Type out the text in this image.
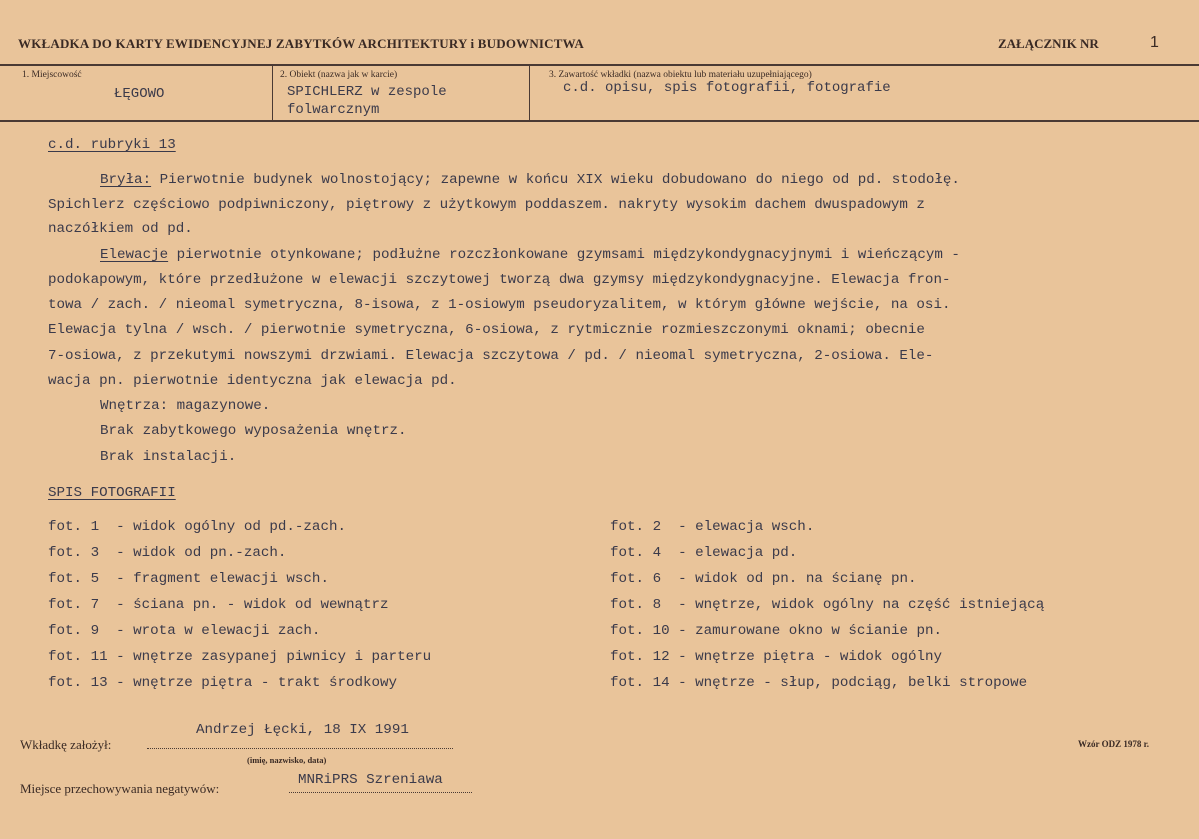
WKŁADKA DO KARTY EWIDENCYJNEJ ZABYTKÓW ARCHITEKTURY i BUDOWNICTWA	ZAŁĄCZNIK NR	1
1. Miejscowość
ŁĘGOWO
2. Obiekt (nazwa jak w karcie)
SPICHLERZ w zespole
folwarcznym
3. Zawartość wkładki (nazwa obiektu lub materiału uzupełniającego)
c.d. opisu, spis fotografii, fotografie
c.d. rubryki 13
Bryła: Pierwotnie budynek wolnostojący; zapewne w końcu XIX wieku dobudowano do niego od pd. stodołę.
Spichlerz częściowo podpiwniczony, piętrowy z użytkowym poddaszem. nakryty wysokim dachem dwuspadowym z
naczółkiem od pd.
Elewacje pierwotnie otynkowane; podłużne rozczłonkowane gzymsami międzykondygnacyjnymi i wieńczącym -
podokapowym, które przedłużone w elewacji szczytowej tworzą dwa gzymsy międzykondygnacyjne. Elewacja fron-
towa / zach. / nieomal symetryczna, 8-isowa, z 1-osiowym pseudoryzalitem, w którym główne wejście, na osi.
Elewacja tylna / wsch. / pierwotnie symetryczna, 6-osiowa, z rytmicznie rozmieszczonymi oknami; obecnie
7-osiowa, z przekutymi nowszymi drzwiami. Elewacja szczytowa / pd. / nieomal symetryczna, 2-osiowa. Ele-
wacja pn. pierwotnie identyczna jak elewacja pd.
Wnętrza: magazynowe.
Brak zabytkowego wyposażenia wnętrz.
Brak instalacji.
SPIS FOTOGRAFII
fot. 1  - widok ogólny od pd.-zach.
fot. 3  - widok od pn.-zach.
fot. 5  - fragment elewacji wsch.
fot. 7  - ściana pn. - widok od wewnątrz
fot. 9  - wrota w elewacji zach.
fot. 11 - wnętrze zasypanej piwnicy i parteru
fot. 13 - wnętrze piętra - trakt środkowy
fot. 2  - elewacja wsch.
fot. 4  - elewacja pd.
fot. 6  - widok od pn. na ścianę pn.
fot. 8  - wnętrze, widok ogólny na część istniejącą
fot. 10 - zamurowane okno w ścianie pn.
fot. 12 - wnętrze piętra - widok ogólny
fot. 14 - wnętrze - słup, podciąg, belki stropowe
Wkładkę założył:
Andrzej Łęcki, 18 IX 1991
(imię, nazwisko, data)
Miejsce przechowywania negatywów:
MNRiPRS Szreniawa
Wzór ODZ 1978 r.
